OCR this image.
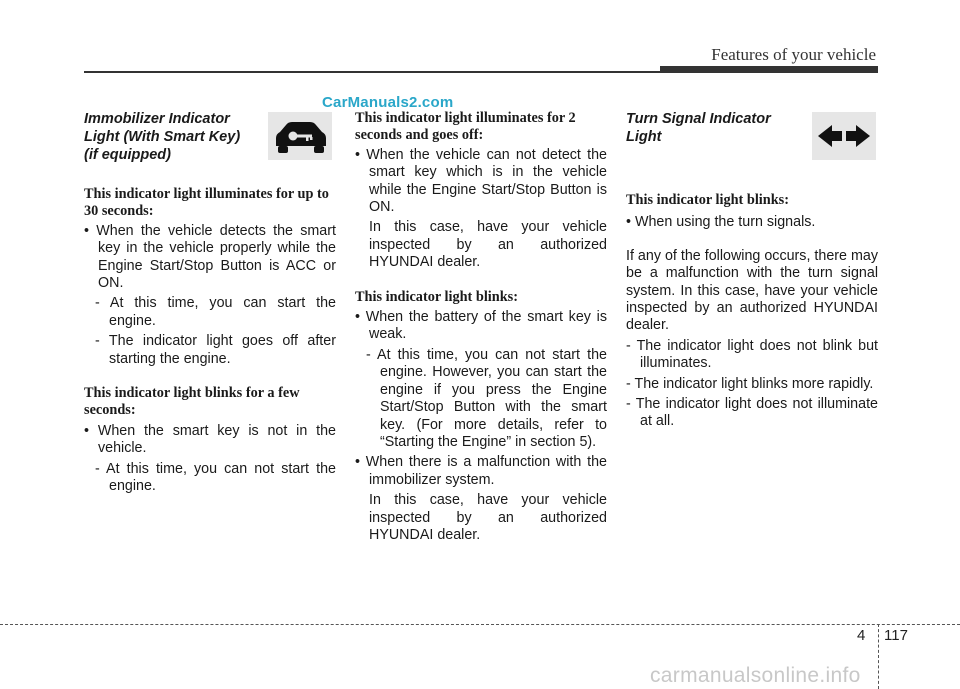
Features of your vehicle
CarManuals2.com

Immobilizer Indicator Light (With Smart Key) (if equipped)

This indicator light illuminates for up to 30 seconds:

• When the vehicle detects the smart key in the vehicle properly while the Engine Start/Stop Button is ACC or ON.

- At this time, you can start the engine.

- The indicator light goes off after starting the engine.

This indicator light blinks for a few seconds:

• When the smart key is not in the vehicle.

- At this time, you can not start the engine.

This indicator light illuminates for 2 seconds and goes off:

• When the vehicle can not detect the smart key which is in the vehicle while the Engine Start/Stop Button is ON.

In this case, have your vehicle inspected by an authorized HYUNDAI dealer.

This indicator light blinks:

• When the battery of the smart key is weak.

- At this time, you can not start the engine. However, you can start the engine if you press the Engine Start/Stop Button with the smart key. (For more details, refer to “Starting the Engine” in section 5).

• When there is a malfunction with the immobilizer system.

In this case, have your vehicle inspected by an authorized HYUNDAI dealer.

Turn Signal Indicator Light

This indicator light blinks:

• When using the turn signals.

If any of the following occurs, there may be a malfunction with the turn signal system. In this case, have your vehicle inspected by an authorized HYUNDAI dealer.

- The indicator light does not blink but illuminates.

- The indicator light blinks more rapidly.

- The indicator light does not illuminate at all.

4 117
carmanualsonline.info
